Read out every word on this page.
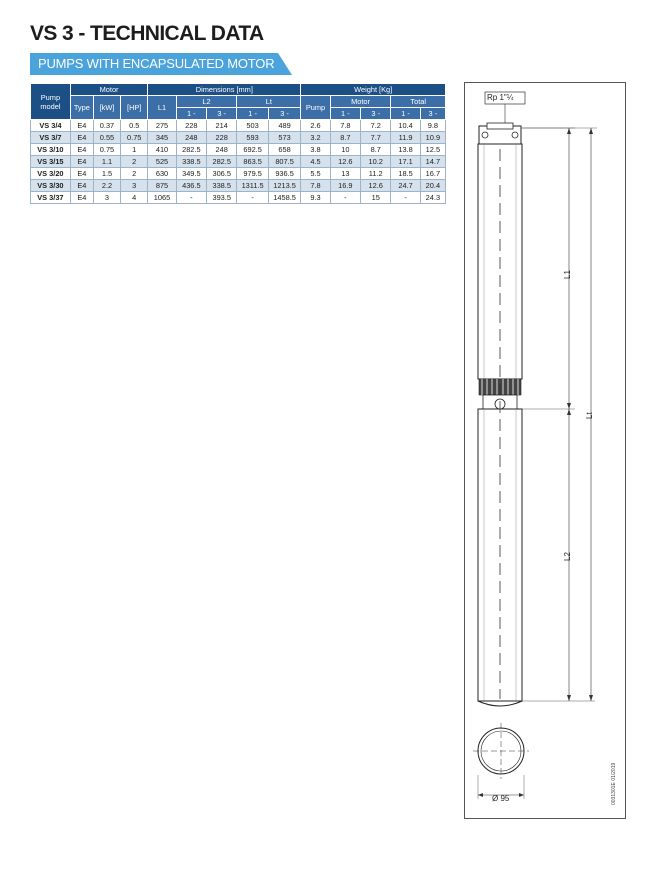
VS 3 - TECHNICAL DATA
PUMPS WITH ENCAPSULATED MOTOR
Pump model	Motor			Dimensions [mm]					Weight [Kg]				
	Type	[kW]	[HP]	L1	L2		Lt		Pump	Motor		Total	
					1 -	3 -	1 -	3 -		1 -	3 -	1 -	3 -
VS 3/4	E4	0.37	0.5	275	228	214	503	489	2.6	7.8	7.2	10.4	9.8
VS 3/7	E4	0.55	0.75	345	248	228	593	573	3.2	8.7	7.7	11.9	10.9
VS 3/10	E4	0.75	1	410	282.5	248	692.5	658	3.8	10	8.7	13.8	12.5
VS 3/15	E4	1.1	2	525	338.5	282.5	863.5	807.5	4.5	12.6	10.2	17.1	14.7
VS 3/20	E4	1.5	2	630	349.5	306.5	979.5	936.5	5.5	13	11.2	18.5	16.7
VS 3/30	E4	2.2	3	875	436.5	338.5	1311.5	1213.5	7.8	16.9	12.6	24.7	20.4
VS 3/37	E4	3	4	1065	-	393.5	-	1458.5	9.3	-	15	-	24.3
Rp 1"¼
L1
Lt
L2
Ø 95	0031301E 01/2019
